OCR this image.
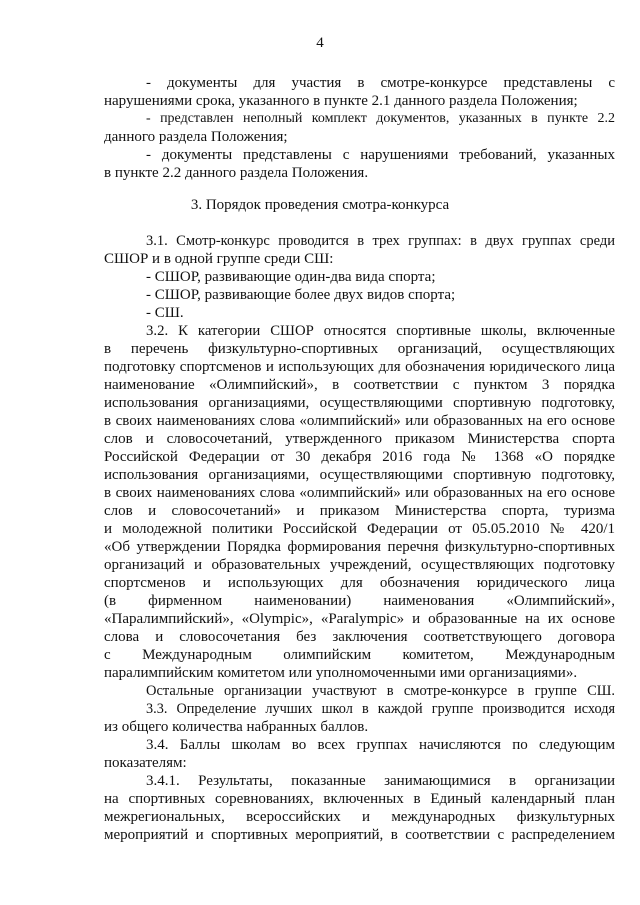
4
- документы для участия в смотре-конкурсе представлены с
нарушениями срока, указанного в пункте 2.1 данного раздела Положения;
- представлен неполный комплект документов, указанных в пункте 2.2
данного раздела Положения;
- документы представлены с нарушениями требований, указанных
в пункте 2.2 данного раздела Положения.
3. Порядок проведения смотра-конкурса
3.1. Смотр-конкурс проводится в трех группах: в двух группах среди
СШОР и в одной группе среди СШ:
- СШОР, развивающие один-два вида спорта;
- СШОР, развивающие более двух видов спорта;
- СШ.
3.2. К категории СШОР относятся спортивные школы, включенные
в перечень физкультурно-спортивных организаций, осуществляющих
подготовку спортсменов и использующих для обозначения юридического лица
наименование «Олимпийский», в соответствии с пунктом 3 порядка
использования организациями, осуществляющими спортивную подготовку,
в своих наименованиях слова «олимпийский» или образованных на его основе
слов и словосочетаний, утвержденного приказом Министерства спорта
Российской Федерации от 30 декабря 2016 года № 1368 «О порядке
использования организациями, осуществляющими спортивную подготовку,
в своих наименованиях слова «олимпийский» или образованных на его основе
слов и словосочетаний» и приказом Министерства спорта, туризма
и молодежной политики Российской Федерации от 05.05.2010 № 420/1
«Об утверждении Порядка формирования перечня физкультурно-спортивных
организаций и образовательных учреждений, осуществляющих подготовку
спортсменов и использующих для обозначения юридического лица
(в фирменном наименовании) наименования «Олимпийский»,
«Паралимпийский», «Olympic», «Paralympic» и образованные на их основе
слова и словосочетания без заключения соответствующего договора
с Международным олимпийским комитетом, Международным
паралимпийским комитетом или уполномоченными ими организациями».
Остальные организации участвуют в смотре-конкурсе в группе СШ.
3.3. Определение лучших школ в каждой группе производится исходя
из общего количества набранных баллов.
3.4. Баллы школам во всех группах начисляются по следующим
показателям:
3.4.1. Результаты, показанные занимающимися в организации
на спортивных соревнованиях, включенных в Единый календарный план
межрегиональных, всероссийских и международных физкультурных
мероприятий и спортивных мероприятий, в соответствии с распределением
